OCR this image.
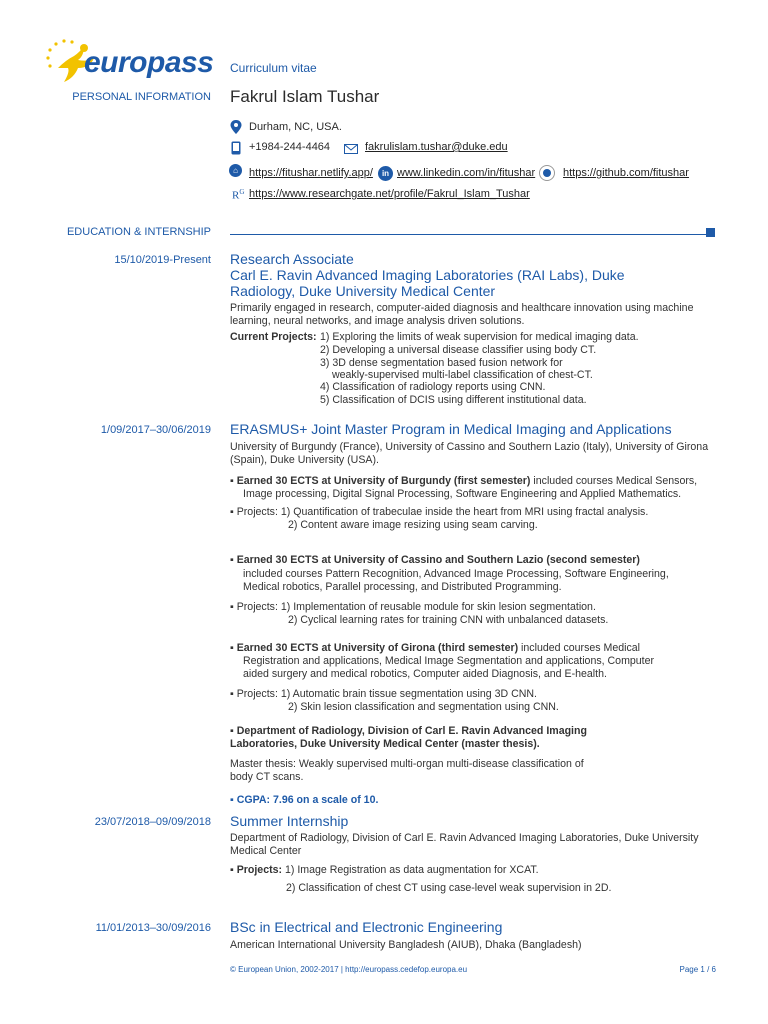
europass Curriculum vitae
PERSONAL INFORMATION Fakrul Islam Tushar
Durham, NC, USA.
+1984-244-4464	fakrulislam.tushar@duke.edu
⌂	https://fitushar.netlify.app/	in www.linkedin.com/in/fitushar	https://github.com/fitushar
$R^G$ https://www.researchgate.net/profile/Fakrul_Islam_Tushar
EDUCATION & INTERNSHIP
15/10/2019-Present Research Associate
Carl E. Ravin Advanced Imaging Laboratories (RAI Labs), Duke
Radiology, Duke University Medical Center
Primarily engaged in research, computer-aided diagnosis and healthcare innovation using machine
learning, neural networks, and image analysis driven solutions.
Current Projects: 1) Exploring the limits of weak supervision for medical imaging data.
2) Developing a universal disease classifier using body CT.
3) 3D dense segmentation based fusion network for
weakly-supervised multi-label classification of chest-CT.
4) Classification of radiology reports using CNN.
5) Classification of DCIS using different institutional data.
1/09/2017–30/06/2019 ERASMUS+ Joint Master Program in Medical Imaging and Applications
University of Burgundy (France), University of Cassino and Southern Lazio (Italy), University of Girona
(Spain), Duke University (USA).
▪ Earned 30 ECTS at University of Burgundy (first semester) included courses Medical Sensors,
Image processing, Digital Signal Processing, Software Engineering and Applied Mathematics.
▪ Projects: 1) Quantification of trabeculae inside the heart from MRI using fractal analysis.
2) Content aware image resizing using seam carving.
▪ Earned 30 ECTS at University of Cassino and Southern Lazio (second semester)
included courses Pattern Recognition, Advanced Image Processing, Software Engineering,
Medical robotics, Parallel processing, and Distributed Programming.
▪ Projects: 1) Implementation of reusable module for skin lesion segmentation.
2) Cyclical learning rates for training CNN with unbalanced datasets.
▪ Earned 30 ECTS at University of Girona (third semester) included courses Medical
Registration and applications, Medical Image Segmentation and applications, Computer
aided surgery and medical robotics, Computer aided Diagnosis, and E-health.
▪ Projects: 1) Automatic brain tissue segmentation using 3D CNN.
2) Skin lesion classification and segmentation using CNN.
▪ Department of Radiology, Division of Carl E. Ravin Advanced Imaging
Laboratories, Duke University Medical Center (master thesis).
Master thesis: Weakly supervised multi-organ multi-disease classification of
body CT scans.
▪ CGPA: 7.96 on a scale of 10.
23/07/2018–09/09/2018 Summer Internship
Department of Radiology, Division of Carl E. Ravin Advanced Imaging Laboratories, Duke University
Medical Center
▪ Projects: 1) Image Registration as data augmentation for XCAT.
2) Classification of chest CT using case-level weak supervision in 2D.
11/01/2013–30/09/2016 BSc in Electrical and Electronic Engineering
American International University Bangladesh (AIUB), Dhaka (Bangladesh)
© European Union, 2002-2017 | http://europass.cedefop.europa.eu	Page 1 / 6
